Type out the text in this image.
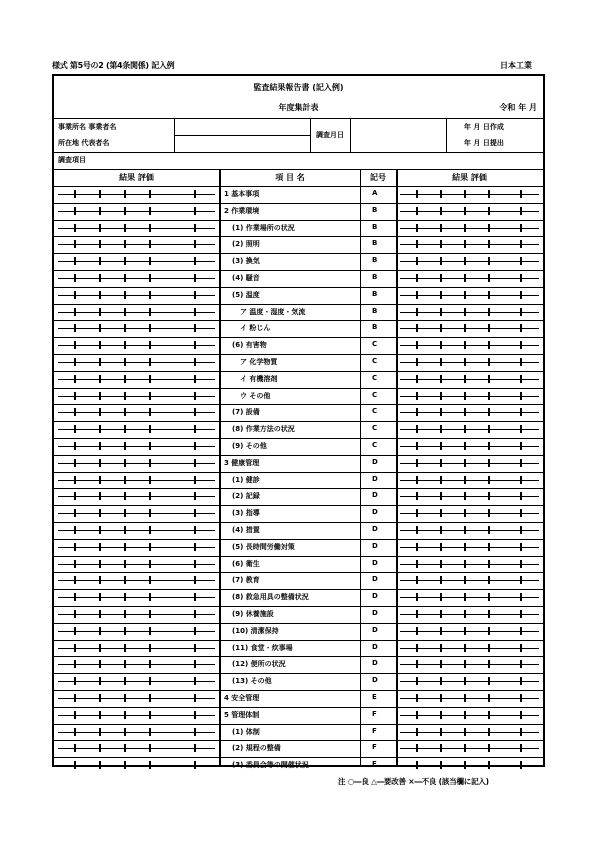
様式 第5号の2 (第4条関係) 記入例	日本工業
監査結果報告書 (記入例)
年度集計表	令和 年 月
事業所名 事業者名
所在地 代表者名
調査月日
年 月 日作成
年 月 日提出
調査項目
結果 評価	項 目 名	記号	結果 評価
1 基本事項	A
2 作業環境	B
(1) 作業場所の状況	B
(2) 照明	B
(3) 換気	B
(4) 騒音	B
(5) 温度	B
ア 温度・湿度・気流	B
イ 粉じん	B
(6) 有害物	C
ア 化学物質	C
イ 有機溶剤	C
ウ その他	C
(7) 設備	C
(8) 作業方法の状況	C
(9) その他	C
3 健康管理	D
(1) 健診	D
(2) 記録	D
(3) 指導	D
(4) 措置	D
(5) 長時間労働対策	D
(6) 衛生	D
(7) 教育	D
(8) 救急用具の整備状況	D
(9) 休養施設	D
(10) 清潔保持	D
(11) 食堂・炊事場	D
(12) 便所の状況	D
(13) その他	D
4 安全管理	E
5 管理体制	F
(1) 体制	F
(2) 規程の整備	F
(3) 委員会等の開催状況	F
注 ○―良 △―要改善 ×―不良 (該当欄に記入)
